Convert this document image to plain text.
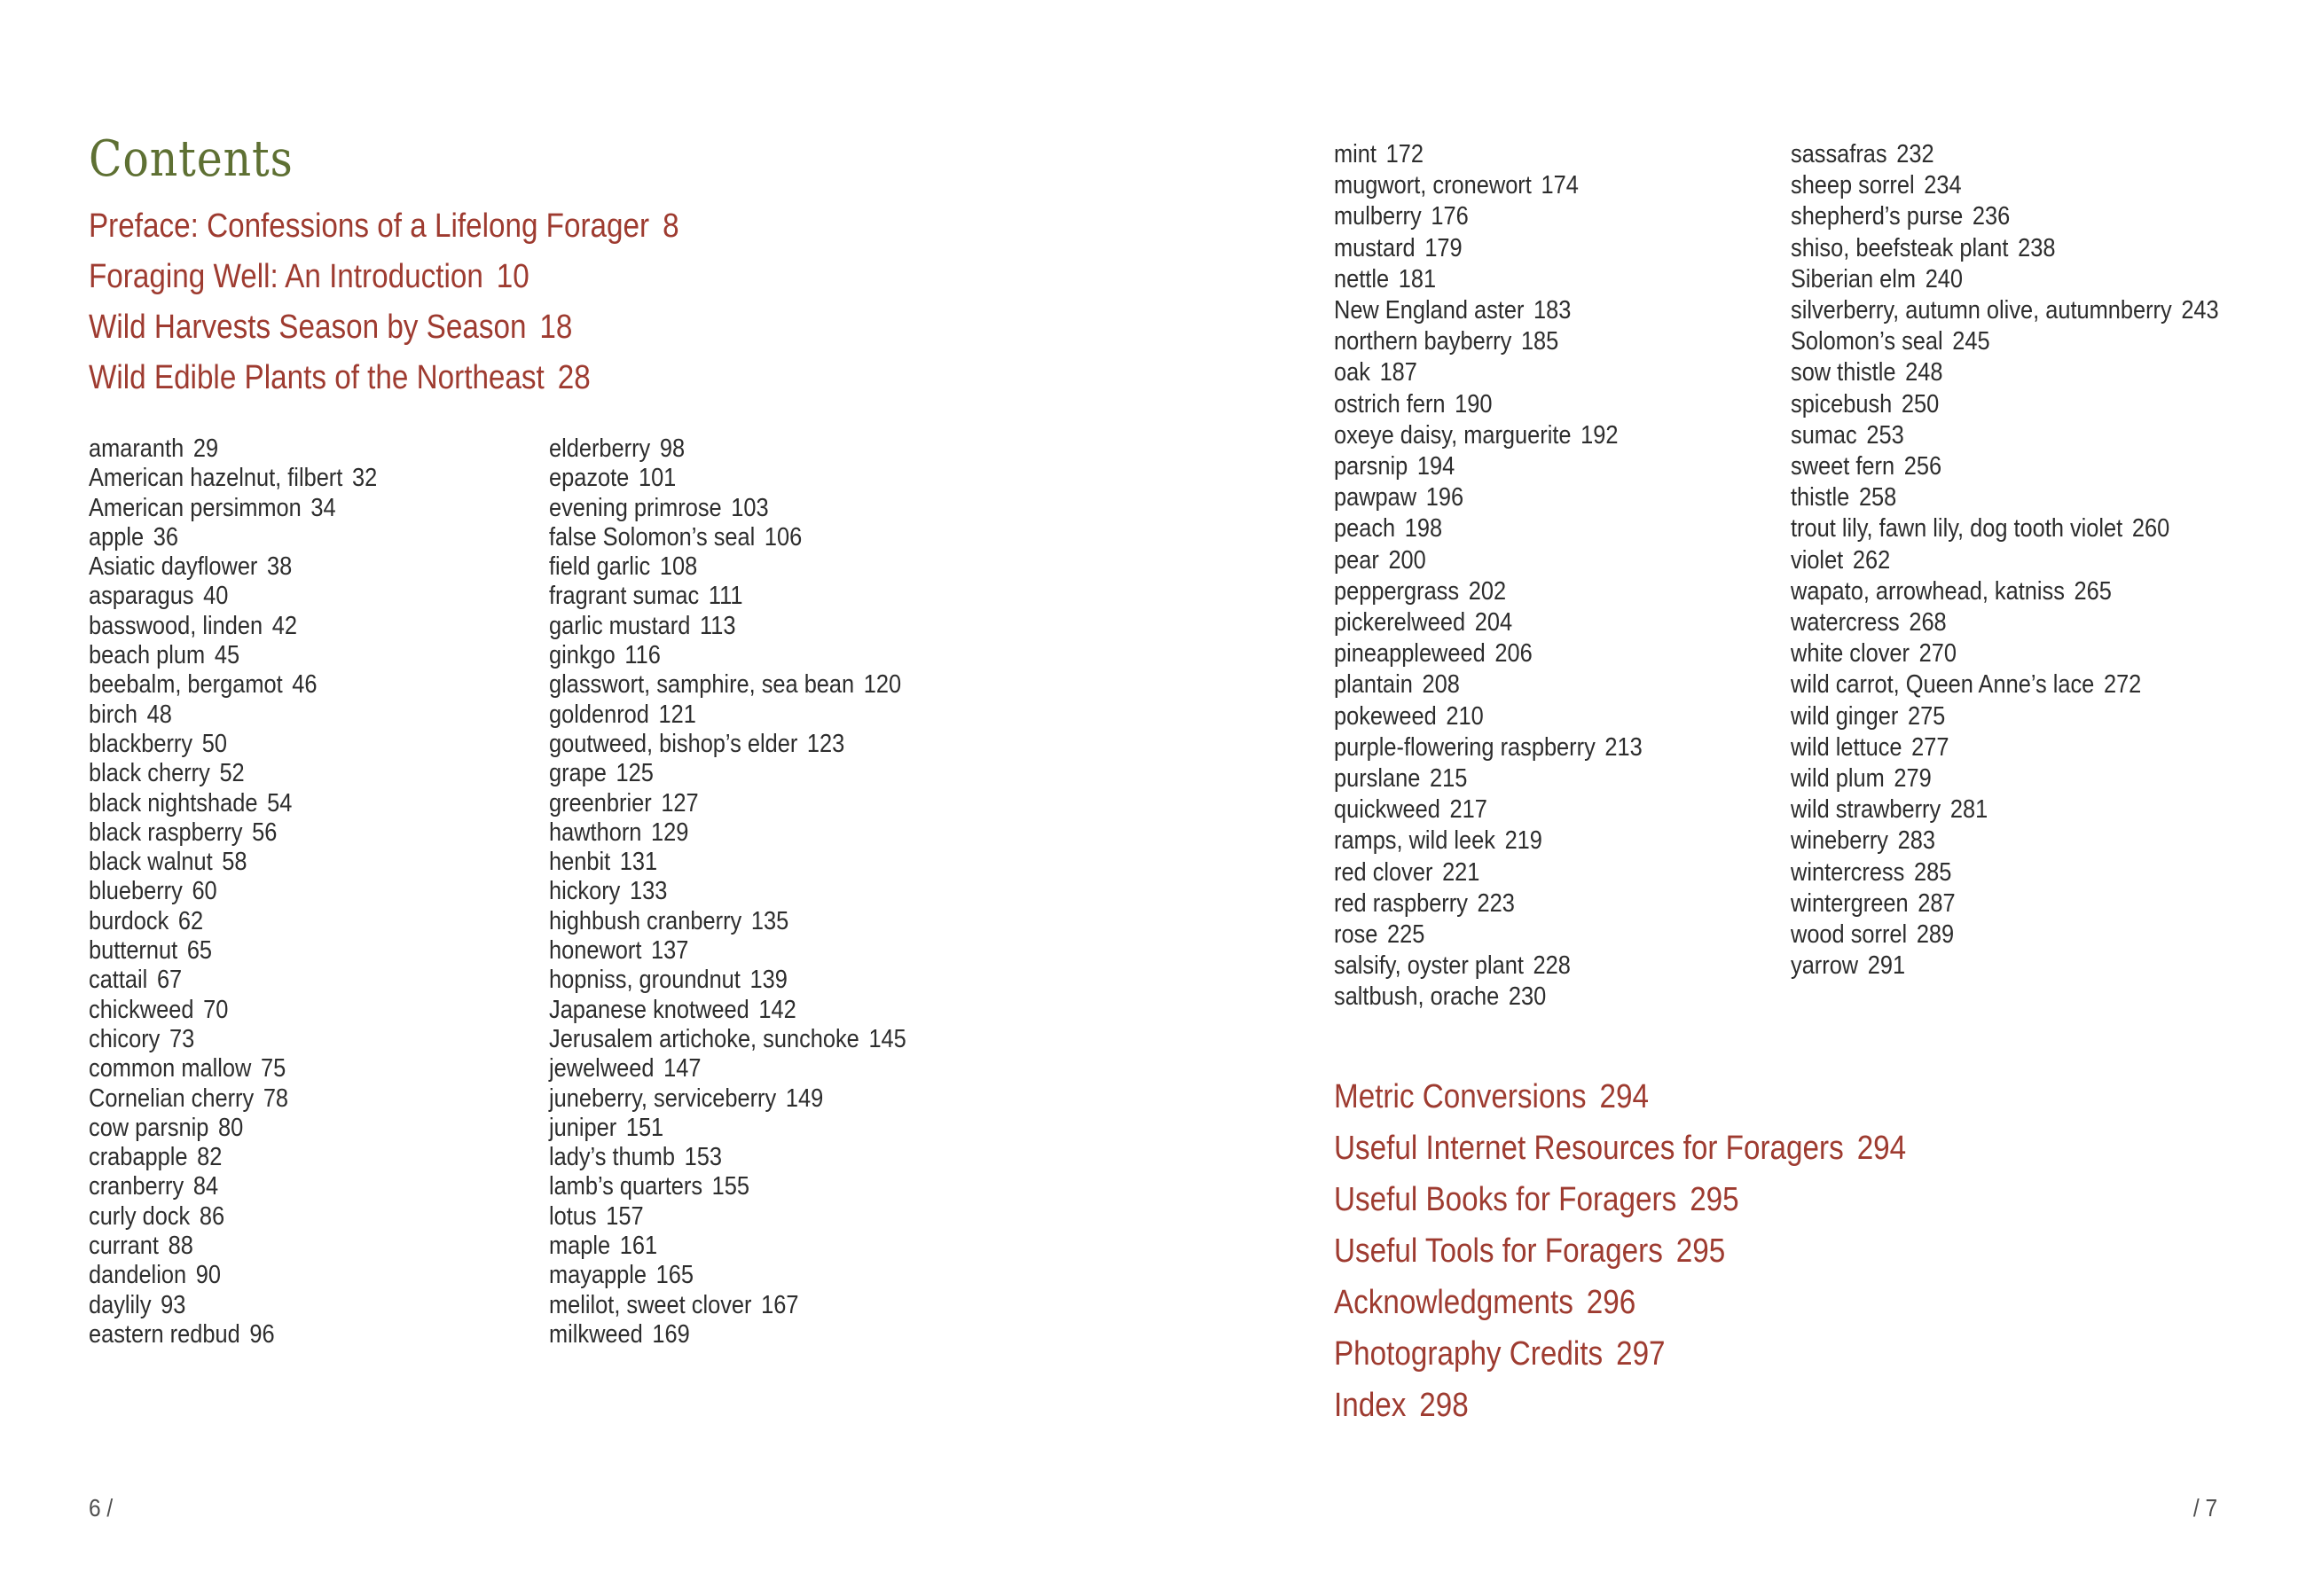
Contents
Preface: Confessions of a Lifelong Forager 8
Foraging Well: An Introduction 10
Wild Harvests Season by Season 18
Wild Edible Plants of the Northeast 28
amaranth 29
American hazelnut, filbert 32
American persimmon 34
apple 36
Asiatic dayflower 38
asparagus 40
basswood, linden 42
beach plum 45
beebalm, bergamot 46
birch 48
blackberry 50
black cherry 52
black nightshade 54
black raspberry 56
black walnut 58
blueberry 60
burdock 62
butternut 65
cattail 67
chickweed 70
chicory 73
common mallow 75
Cornelian cherry 78
cow parsnip 80
crabapple 82
cranberry 84
curly dock 86
currant 88
dandelion 90
daylily 93
eastern redbud 96
elderberry 98
epazote 101
evening primrose 103
false Solomon’s seal 106
field garlic 108
fragrant sumac 111
garlic mustard 113
ginkgo 116
glasswort, samphire, sea bean 120
goldenrod 121
goutweed, bishop’s elder 123
grape 125
greenbrier 127
hawthorn 129
henbit 131
hickory 133
highbush cranberry 135
honewort 137
hopniss, groundnut 139
Japanese knotweed 142
Jerusalem artichoke, sunchoke 145
jewelweed 147
juneberry, serviceberry 149
juniper 151
lady’s thumb 153
lamb’s quarters 155
lotus 157
maple 161
mayapple 165
melilot, sweet clover 167
milkweed 169
mint 172
mugwort, cronewort 174
mulberry 176
mustard 179
nettle 181
New England aster 183
northern bayberry 185
oak 187
ostrich fern 190
oxeye daisy, marguerite 192
parsnip 194
pawpaw 196
peach 198
pear 200
peppergrass 202
pickerelweed 204
pineappleweed 206
plantain 208
pokeweed 210
purple-flowering raspberry 213
purslane 215
quickweed 217
ramps, wild leek 219
red clover 221
red raspberry 223
rose 225
salsify, oyster plant 228
saltbush, orache 230
sassafras 232
sheep sorrel 234
shepherd’s purse 236
shiso, beefsteak plant 238
Siberian elm 240
silverberry, autumn olive, autumnberry 243
Solomon’s seal 245
sow thistle 248
spicebush 250
sumac 253
sweet fern 256
thistle 258
trout lily, fawn lily, dog tooth violet 260
violet 262
wapato, arrowhead, katniss 265
watercress 268
white clover 270
wild carrot, Queen Anne’s lace 272
wild ginger 275
wild lettuce 277
wild plum 279
wild strawberry 281
wineberry 283
wintercress 285
wintergreen 287
wood sorrel 289
yarrow 291
Metric Conversions 294
Useful Internet Resources for Foragers 294
Useful Books for Foragers 295
Useful Tools for Foragers 295
Acknowledgments 296
Photography Credits 297
Index 298
6 /	/ 7
